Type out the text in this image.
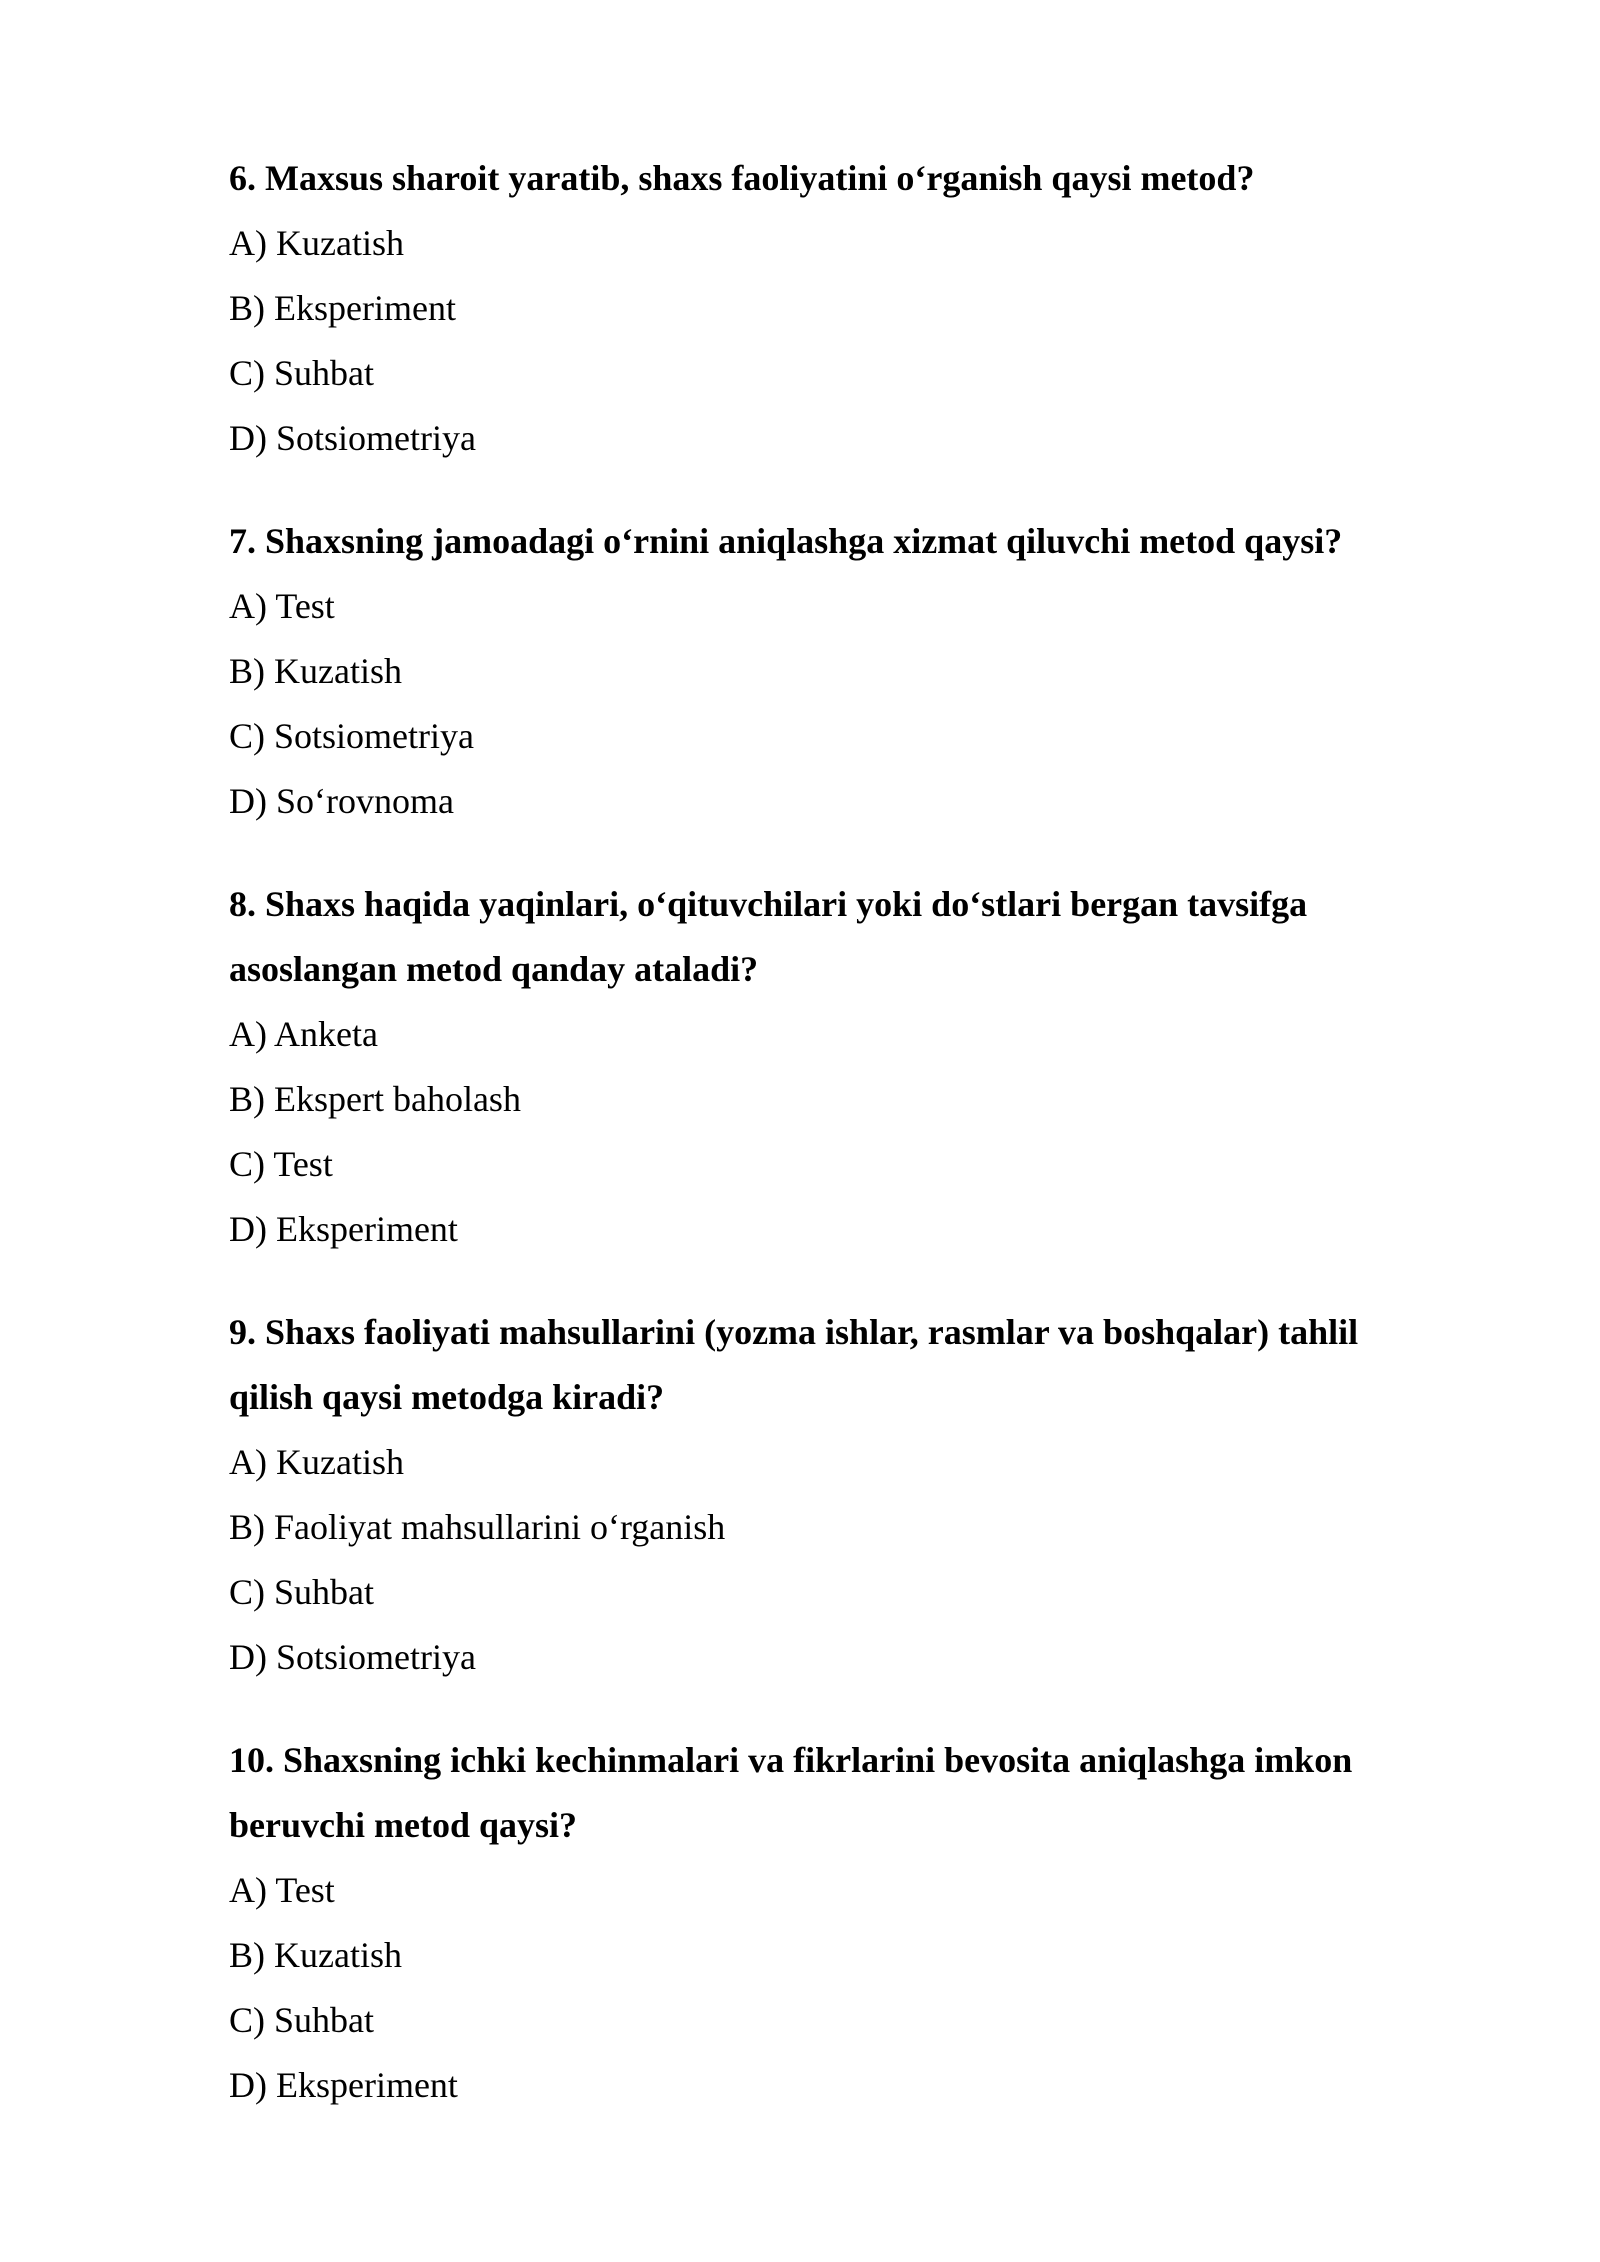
6. Maxsus sharoit yaratib, shaxs faoliyatini o‘rganish qaysi metod?

A) Kuzatish

B) Eksperiment

C) Suhbat

D) Sotsiometriya

7. Shaxsning jamoadagi o‘rnini aniqlashga xizmat qiluvchi metod qaysi?

A) Test

B) Kuzatish

C) Sotsiometriya

D) So‘rovnoma

8. Shaxs haqida yaqinlari, o‘qituvchilari yoki do‘stlari bergan tavsifga asoslangan metod qanday ataladi?

A) Anketa

B) Ekspert baholash

C) Test

D) Eksperiment

9. Shaxs faoliyati mahsullarini (yozma ishlar, rasmlar va boshqalar) tahlil qilish qaysi metodga kiradi?

A) Kuzatish

B) Faoliyat mahsullarini o‘rganish

C) Suhbat

D) Sotsiometriya

10. Shaxsning ichki kechinmalari va fikrlarini bevosita aniqlashga imkon beruvchi metod qaysi?

A) Test

B) Kuzatish

C) Suhbat

D) Eksperiment
